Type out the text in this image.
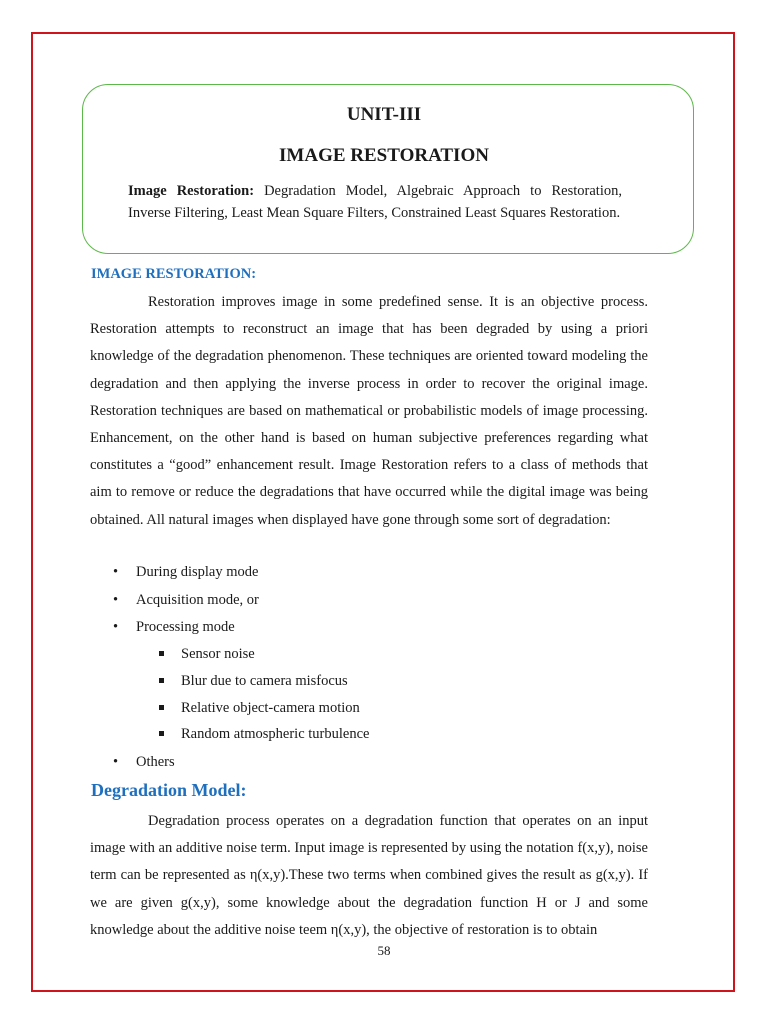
UNIT-III
IMAGE RESTORATION

Image Restoration: Degradation Model, Algebraic Approach to Restoration, Inverse Filtering, Least Mean Square Filters, Constrained Least Squares Restoration.

IMAGE RESTORATION:

Restoration improves image in some predefined sense. It is an objective process. Restoration attempts to reconstruct an image that has been degraded by using a priori knowledge of the degradation phenomenon. These techniques are oriented toward modeling the degradation and then applying the inverse process in order to recover the original image. Restoration techniques are based on mathematical or probabilistic models of image processing. Enhancement, on the other hand is based on human subjective preferences regarding what constitutes a “good” enhancement result. Image Restoration refers to a class of methods that aim to remove or reduce the degradations that have occurred while the digital image was being obtained. All natural images when displayed have gone through some sort of degradation:

• During display mode
• Acquisition mode, or
• Processing mode
Sensor noise
Blur due to camera misfocus
Relative object-camera motion
Random atmospheric turbulence
• Others
Degradation Model:

Degradation process operates on a degradation function that operates on an input image with an additive noise term. Input image is represented by using the notation f(x,y), noise term can be represented as η(x,y).These two terms when combined gives the result as g(x,y). If we are given g(x,y), some knowledge about the degradation function H or J and some knowledge about the additive noise teem η(x,y), the objective of restoration is to obtain

58
